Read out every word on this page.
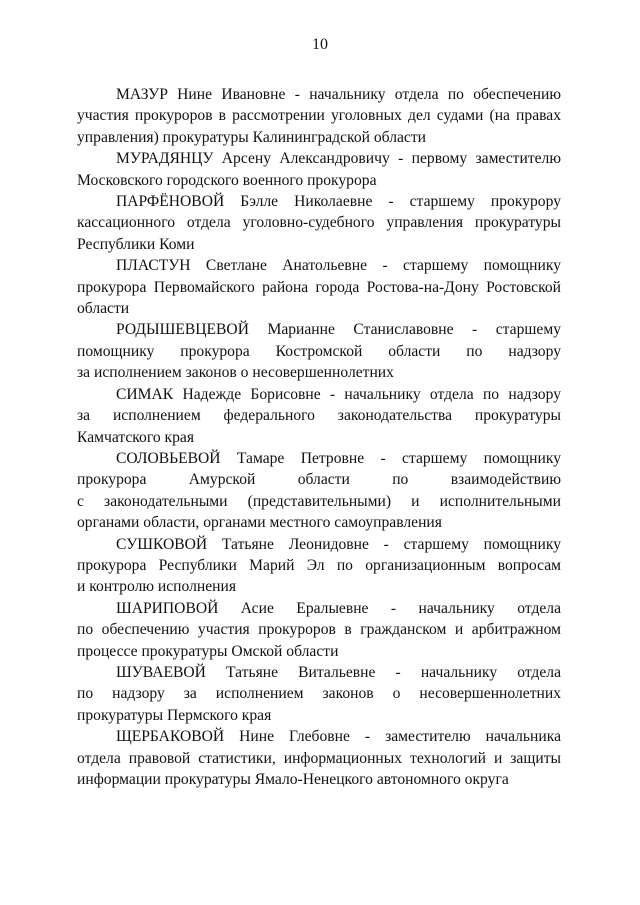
10

МАЗУР Нине Ивановне - начальнику отдела по обеспечению
участия прокуроров в рассмотрении уголовных дел судами (на правах
управления) прокуратуры Калининградской области

МУРАДЯНЦУ Арсену Александровичу - первому заместителю
Московского городского военного прокурора

ПАРФЁНОВОЙ Бэлле Николаевне - старшему прокурору
кассационного отдела уголовно-судебного управления прокуратуры
Республики Коми

ПЛАСТУН Светлане Анатольевне - старшему помощнику
прокурора Первомайского района города Ростова-на-Дону Ростовской
области

РОДЫШЕВЦЕВОЙ Марианне Станиславовне - старшему
помощнику прокурора Костромской области по надзору
за исполнением законов о несовершеннолетних

СИМАК Надежде Борисовне - начальнику отдела по надзору
за исполнением федерального законодательства прокуратуры
Камчатского края

СОЛОВЬЕВОЙ Тамаре Петровне - старшему помощнику
прокурора Амурской области по взаимодействию
с законодательными (представительными) и исполнительными
органами области, органами местного самоуправления

СУШКОВОЙ Татьяне Леонидовне - старшему помощнику
прокурора Республики Марий Эл по организационным вопросам
и контролю исполнения

ШАРИПОВОЙ Асие Ералыевне - начальнику отдела
по обеспечению участия прокуроров в гражданском и арбитражном
процессе прокуратуры Омской области

ШУВАЕВОЙ Татьяне Витальевне - начальнику отдела
по надзору за исполнением законов о несовершеннолетних
прокуратуры Пермского края

ЩЕРБАКОВОЙ Нине Глебовне - заместителю начальника
отдела правовой статистики, информационных технологий и защиты
информации прокуратуры Ямало-Ненецкого автономного округа
